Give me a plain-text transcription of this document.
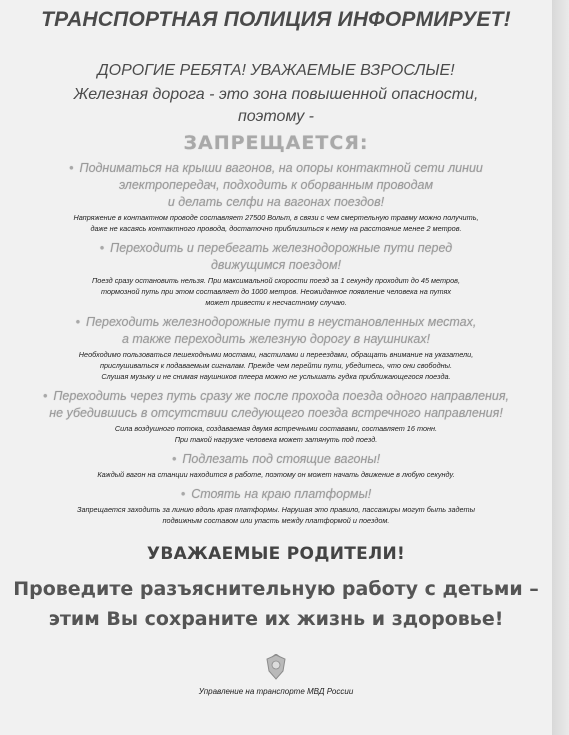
ТРАНСПОРТНАЯ ПОЛИЦИЯ ИНФОРМИРУЕТ!

ДОРОГИЕ РЕБЯТА! УВАЖАЕМЫЕ ВЗРОСЛЫЕ!

Железная дорога - это зона повышенной опасности,
поэтому -

ЗАПРЕЩАЕТСЯ:

• Подниматься на крыши вагонов, на опоры контактной сети линии
электропередач, подходить к оборванным проводам
и делать селфи на вагонах поездов!

Напряжение в контактном проводе составляет 27500 Вольт, в связи с чем смертельную травму можно получить,
даже не касаясь контактного провода, достаточно приблизиться к нему на расстояние менее 2 метров.

• Переходить и перебегать железнодорожные пути перед
движущимся поездом!

Поезд сразу остановить нельзя. При максимальной скорости поезд за 1 секунду проходит до 45 метров,
тормозной путь при этом составляет до 1000 метров. Неожиданное появление человека на путях
может привести к несчастному случаю.

• Переходить железнодорожные пути в неустановленных местах,
а также переходить железную дорогу в наушниках!

Необходимо пользоваться пешеходными мостами, настилами и переездами, обращать внимание на указатели,
прислушиваться к подаваемым сигналам. Прежде чем перейти пути, убедитесь, что они свободны.
Слушая музыку и не снимая наушников плеера можно не услышать гудка приближающегося поезда.

• Переходить через путь сразу же после прохода поезда одного направления,
не убедившись в отсутствии следующего поезда встречного направления!

Сила воздушного потока, создаваемая двумя встречными составами, составляет 16 тонн.
При такой нагрузке человека может затянуть под поезд.

• Подлезать под стоящие вагоны!

Каждый вагон на станции находится в работе, поэтому он может начать движение в любую секунду.

• Стоять на краю платформы!

Запрещается заходить за линию вдоль края платформы. Нарушая это правило, пассажиры могут быть задеты
подвижным составом или упасть между платформой и поездом.

УВАЖАЕМЫЕ РОДИТЕЛИ!

Проведите разъяснительную работу с детьми –
этим Вы сохраните их жизнь и здоровье!

Управление на транспорте МВД России
